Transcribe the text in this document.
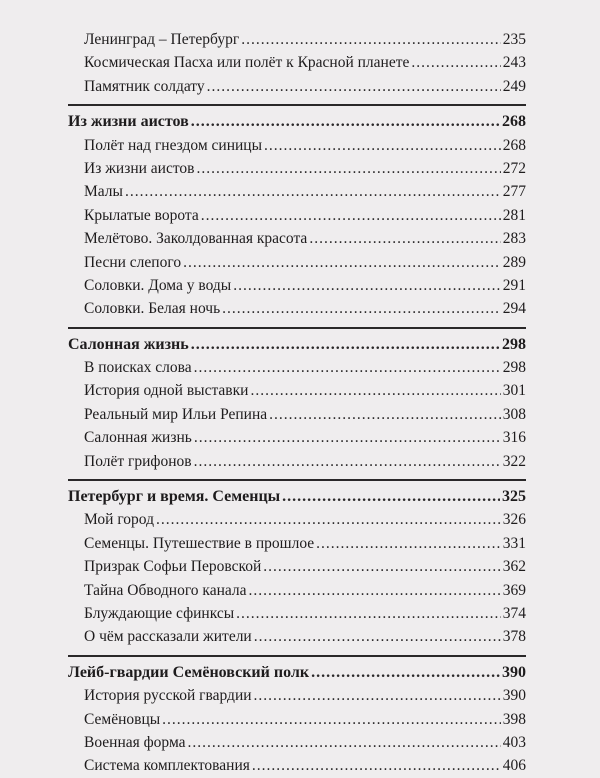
Ленинград – Петербург .....	235
Космическая Пасха или полёт к Красной планете .....	243
Памятник солдату .....	249
Из жизни аистов .....	268
Полёт над гнездом синицы .....	268
Из жизни аистов .....	272
Малы .....	277
Крылатые ворота .....	281
Мелётово. Заколдованная красота .....	283
Песни слепого .....	289
Соловки. Дома у воды .....	291
Соловки. Белая ночь .....	294
Салонная жизнь .....	298
В поисках слова .....	298
История одной выставки .....	301
Реальный мир Ильи Репина .....	308
Салонная жизнь .....	316
Полёт грифонов .....	322
Петербург и время. Семенцы .....	325
Мой город .....	326
Семенцы. Путешествие в прошлое .....	331
Призрак Софьи Перовской .....	362
Тайна Обводного канала .....	369
Блуждающие сфинксы .....	374
О чём рассказали жители .....	378
Лейб-гвардии Семёновский полк .....	390
История русской гвардии .....	390
Семёновцы .....	398
Военная форма .....	403
Система комплектования .....	406
